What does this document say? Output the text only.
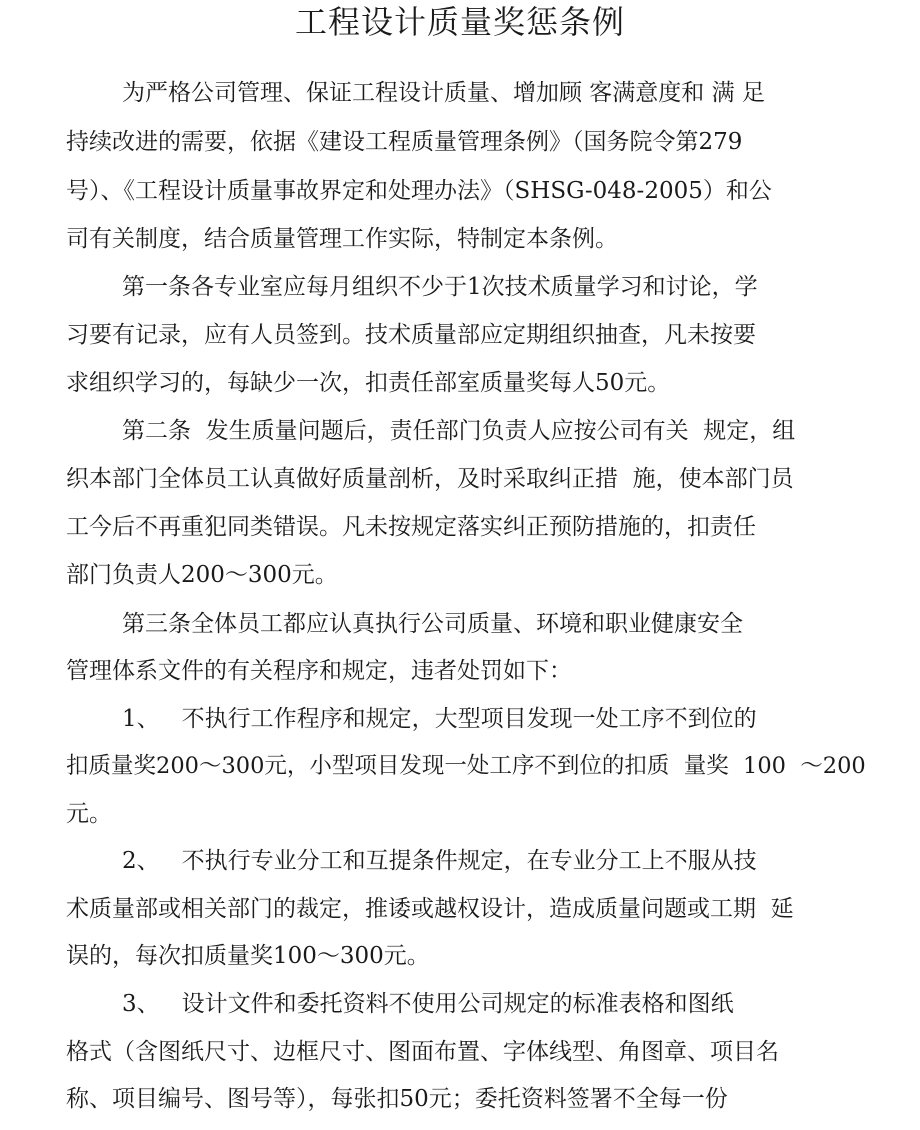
工程设计质量奖惩条例

为严格公司管理、保证工程设计质量、增加顾 客满意度和 满 足

持续改进的需要，依据《建设工程质量管理条例》（国务院令第279

号）、《工程设计质量事故界定和处理办法》（SHSG-048-2005）和公

司有关制度，结合质量管理工作实际，特制定本条例。

第一条各专业室应每月组织不少于1次技术质量学习和讨论，学

习要有记录，应有人员签到。技术质量部应定期组织抽查，凡未按要

求组织学习的，每缺少一次，扣责任部室质量奖每人50元。

第二条  发生质量问题后，责任部门负责人应按公司有关  规定，组

织本部门全体员工认真做好质量剖析，及时采取纠正措  施，使本部门员

工今后不再重犯同类错误。凡未按规定落实纠正预防措施的，扣责任

部门负责人200～300元。

第三条全体员工都应认真执行公司质量、环境和职业健康安全

管理体系文件的有关程序和规定，违者处罚如下：

1、   不执行工作程序和规定，大型项目发现一处工序不到位的

扣质量奖200～300元，小型项目发现一处工序不到位的扣质  量奖  100  ～200

元。

2、   不执行专业分工和互提条件规定，在专业分工上不服从技

术质量部或相关部门的裁定，推诿或越权设计，造成质量问题或工期  延

误的，每次扣质量奖100～300元。

3、   设计文件和委托资料不使用公司规定的标准表格和图纸

格式（含图纸尺寸、边框尺寸、图面布置、字体线型、角图章、项目名

称、项目编号、图号等），每张扣50元；委托资料签署不全每一份
